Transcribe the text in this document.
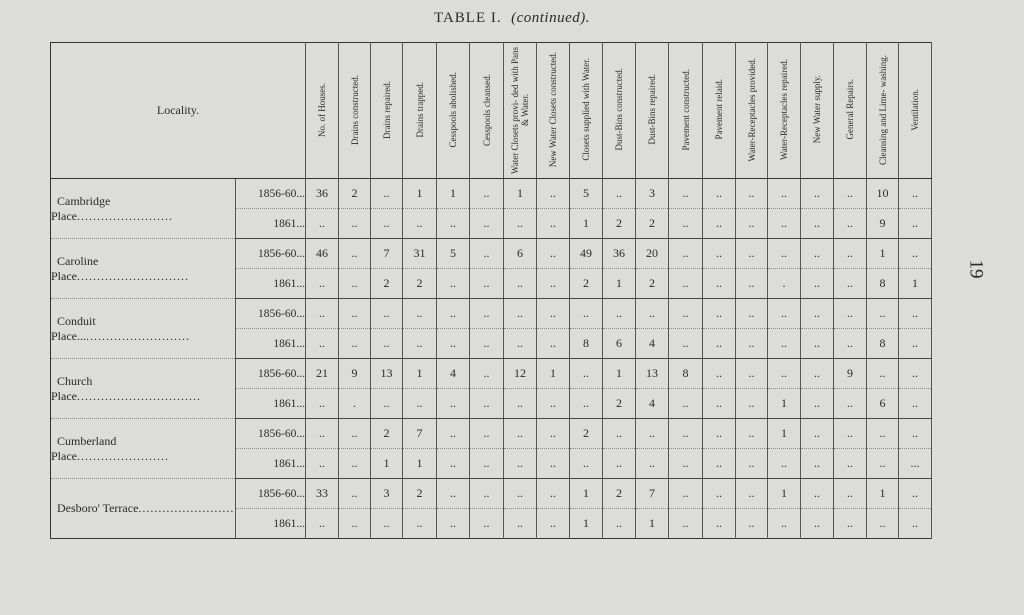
TABLE I. (continued).
19
Locality.		No. of Houses.	Drains constructed.	Drains repaired.	Drains trapped.	Cesspools abolished.	Cesspools cleansed.	Water Closets provi- ded with Pans & Water.	New Water Closets constructed.	Closets supplied with Water.	Dust-Bins constructed.	Dust-Bins repaired.	Pavement constructed.	Pavement relaid.	Water-Receptacles provided.	Water-Receptacles repaired.	New Water supply.	General Repairs.	Cleansing and Lime- washing.	Ventilation.
Cambridge Place........................	1856-60...	36	2	..	1	1	..	1	..	5	..	3	..	..	..	..	..	..	10	..
	1861...	..	..	..	..	..	..	..	..	1	2	2	..	..	..	..	..	..	9	..
Caroline Place............................	1856-60...	46	..	7	31	5	..	6	..	49	36	20	..	..	..	..	..	..	1	..
	1861...	..	..	2	2	..	..	..	..	2	1	2	..	..	..	.	..	..	8	1
Conduit Place.............................	1856-60...	..	..	..	..	..	..	..	..	..	..	..	..	..	..	..	..	..	..	..
	1861...	..	..	..	..	..	..	..	..	8	6	4	..	..	..	..	..	..	8	..
Church Place...............................	1856-60...	21	9	13	1	4	..	12	1	..	1	13	8	..	..	..	..	9	..	..
	1861...	..	.	..	..	..	..	..	..	..	2	4	..	..	..	1	..	..	6	..
Cumberland Place.......................	1856-60...	..	..	2	7	..	..	..	..	2	..	..	..	..	..	1	..	..	..	..
	1861...	..	..	1	1	..	..	..	..	..	..	..	..	..	..	..	..	..	..	...
Desboro' Terrace........................	1856-60...	33	..	3	2	..	..	..	..	1	2	7	..	..	..	1	..	..	1	..
	1861...	..	..	..	..	..	..	..	..	1	..	1	..	..	..	..	..	..	..	..
